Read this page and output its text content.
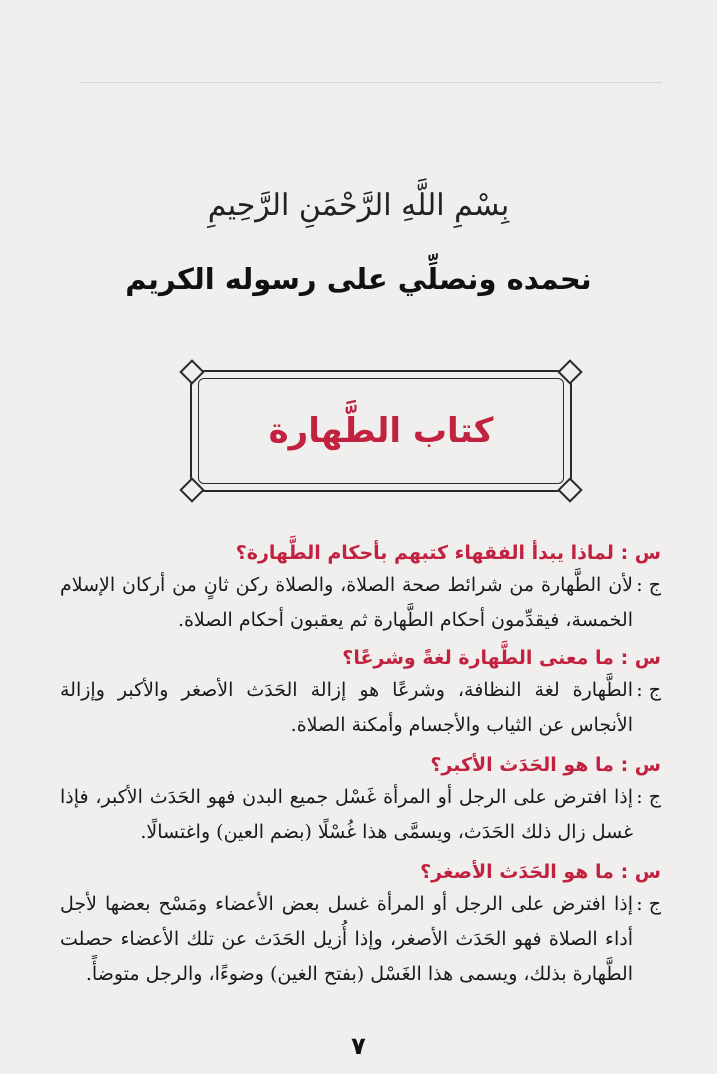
بِسْمِ اللَّهِ الرَّحْمَنِ الرَّحِيمِ
نحمده ونصلِّي على رسوله الكريم
كتاب الطَّهارة
س : لماذا يبدأ الفقهاء كتبهم بأحكام الطَّهارة؟
ج :
لأن الطَّهارة من شرائط صحة الصلاة، والصلاة ركن ثانٍ من أركان الإسلام الخمسة، فيقدِّمون أحكام الطَّهارة ثم يعقبون أحكام الصلاة.
س : ما معنى الطَّهارة لغةً وشرعًا؟
ج :
الطَّهارة لغة النظافة، وشرعًا هو إزالة الحَدَث الأصغر والأكبر وإزالة الأنجاس عن الثياب والأجسام وأمكنة الصلاة.
س : ما هو الحَدَث الأكبر؟
ج :
إذا افترض على الرجل أو المرأة غَسْل جميع البدن فهو الحَدَث الأكبر، فإذا غسل زال ذلك الحَدَث، ويسمَّى هذا غُسْلًا (بضم العين) واغتسالًا.
س : ما هو الحَدَث الأصغر؟
ج :
إذا افترض على الرجل أو المرأة غسل بعض الأعضاء ومَسْح بعضها لأجل أداء الصلاة فهو الحَدَث الأصغر، وإذا أُزيل الحَدَث عن تلك الأعضاء حصلت الطَّهارة بذلك، ويسمى هذا الغَسْل (بفتح الغين) وضوءًا، والرجل متوضأً.
٧
